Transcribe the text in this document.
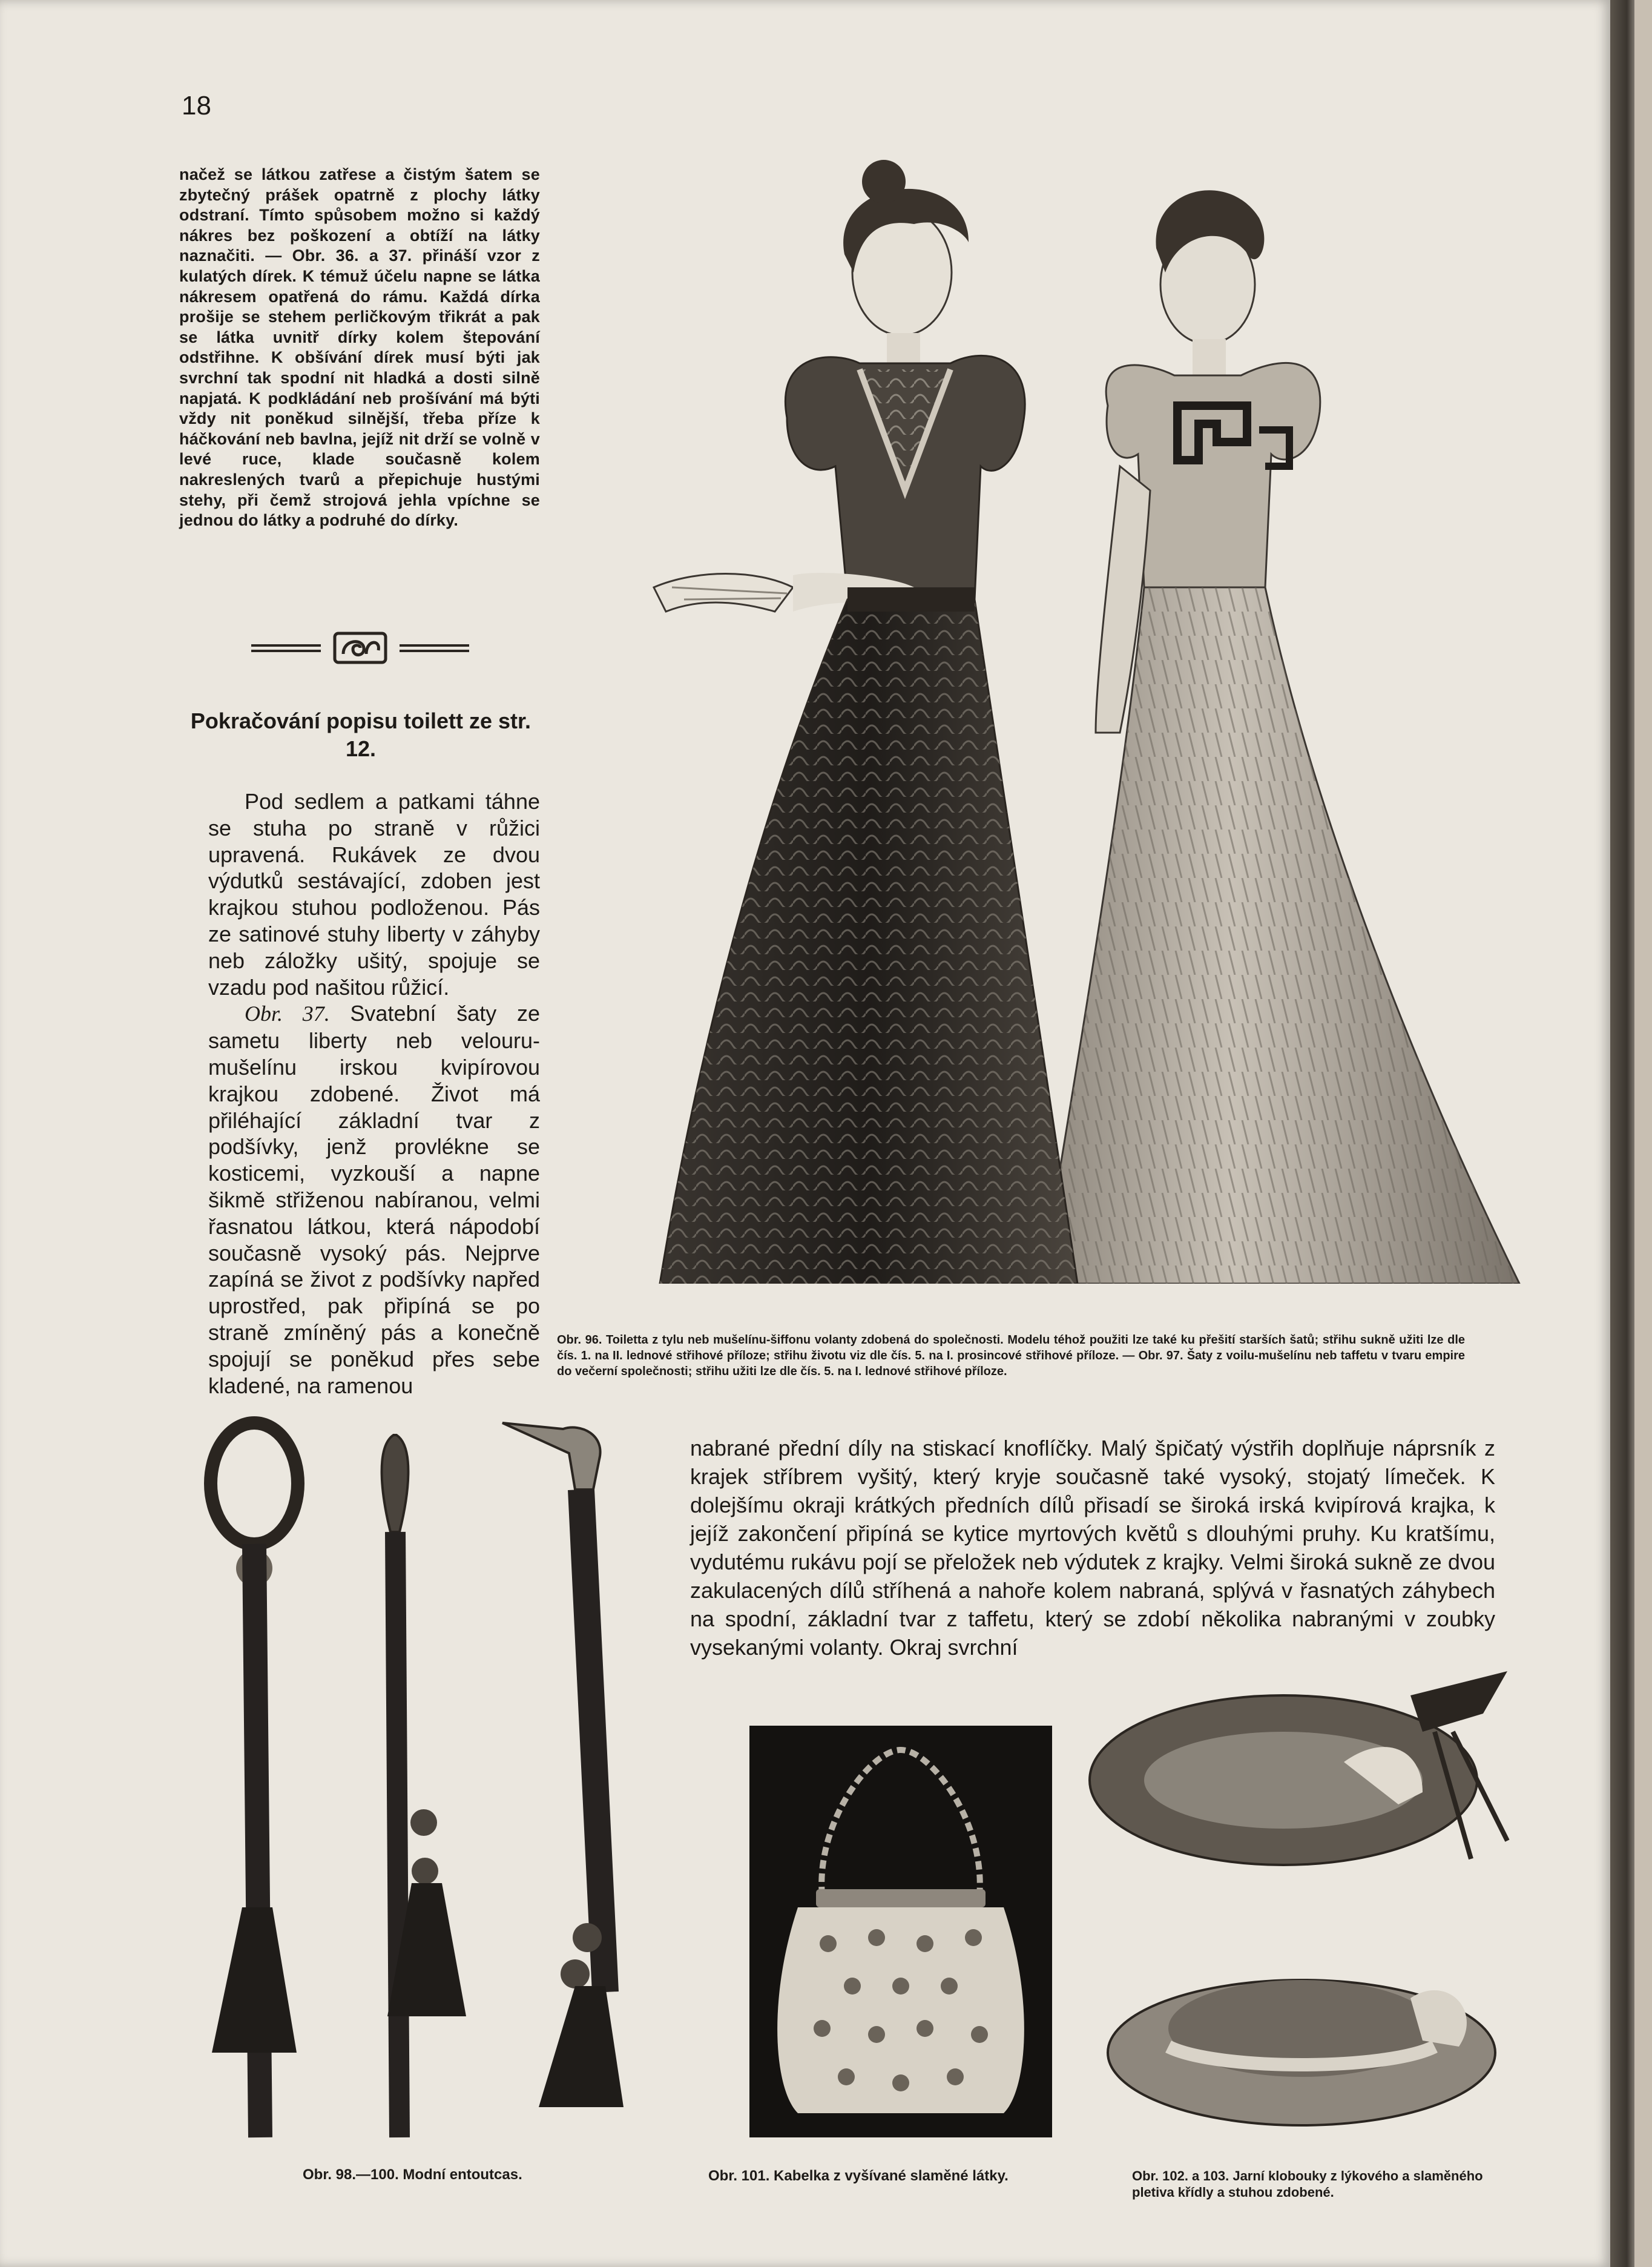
18
načež se látkou zatřese a čistým šatem se zbytečný prášek opatrně z plochy látky odstraní. Tímto spůsobem možno si každý nákres bez poškození a obtíží na látky naznačiti. — Obr. 36. a 37. přináší vzor z kulatých dírek. K témuž účelu napne se látka nákresem opatřená do rámu. Každá dírka prošije se stehem perličkovým třikrát a pak se látka uvnitř dírky kolem štepování odstřihne. K obšívání dírek musí býti jak svrchní tak spodní nit hladká a dosti silně napjatá. K podkládání neb prošívání má býti vždy nit poněkud silnější, třeba příze k háčkování neb bavlna, jejíž nit drží se volně v levé ruce, klade současně kolem nakreslených tvarů a přepichuje hustými stehy, při čemž strojová jehla vpíchne se jednou do látky a podruhé do dírky.
Pokračování popisu toilett ze str. 12.

Pod sedlem a patkami táhne se stuha po straně v růžici upravená. Rukávek ze dvou výdutků sestávající, zdoben jest krajkou stuhou podloženou. Pás ze satinové stuhy liberty v záhyby neb záložky ušitý, spojuje se vzadu pod našitou růžicí.

Obr. 37. Svatební šaty ze sametu liberty neb velouru-mušelínu irskou kvipírovou krajkou zdobené. Život má přiléhající základní tvar z podšívky, jenž provlékne se kosticemi, vyzkouší a napne šikmě střiženou nabíranou, velmi řasnatou látkou, která nápodobí současně vysoký pás. Nejprve zapíná se život z podšívky napřed uprostřed, pak připíná se po straně zmíněný pás a konečně spojují se poněkud přes sebe kladené, na ramenou

Obr. 96. Toiletta z tylu neb mušelínu-šiffonu volanty zdobená do společnosti. Modelu téhož použiti lze také ku přešití starších šatů; střihu sukně užiti lze dle čís. 1. na II. lednové střihové příloze; střihu životu viz dle čís. 5. na I. prosincové střihové příloze. — Obr. 97. Šaty z voilu-mušelínu neb taffetu v tvaru empire do večerní společnosti; střihu užiti lze dle čís. 5. na I. lednové střihové příloze.

nabrané přední díly na stiskací knoflíčky. Malý špičatý výstřih doplňuje náprsník z krajek stříbrem vyšitý, který kryje současně také vysoký, stojatý límeček. K dolejšímu okraji krátkých předních dílů přisadí se široká irská kvipírová krajka, k jejíž zakončení připíná se kytice myrtových květů s dlouhými pruhy. Ku kratšímu, vydutému rukávu pojí se přeložek neb výdutek z krajky. Velmi široká sukně ze dvou zakulacených dílů stříhená a nahoře kolem nabraná, splývá v řasnatých záhybech na spodní, základní tvar z taffetu, který se zdobí několika nabranými v zoubky vysekanými volanty. Okraj svrchní

Obr. 98.—100. Modní entoutcas.	Obr. 101. Kabelka z vyšívané slaměné látky.	Obr. 102. a 103. Jarní klobouky z lýkového a slaměného pletiva křídly a stuhou zdobené.
